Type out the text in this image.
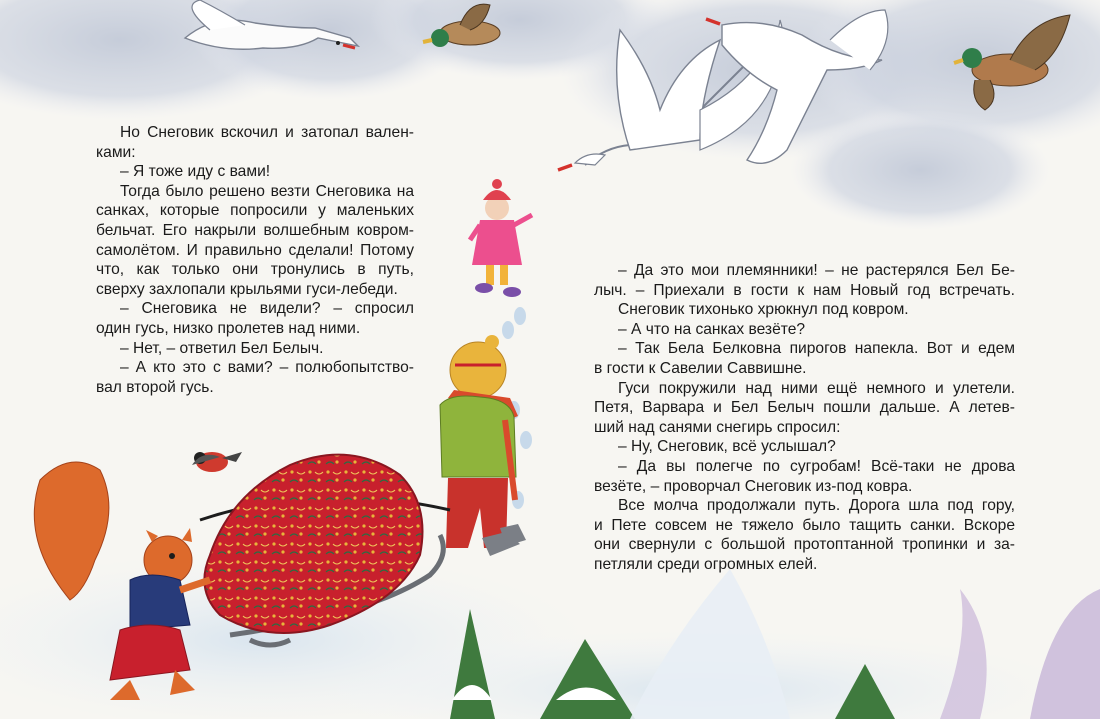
Но Снеговик вскочил и затопал вален-

ками:

– Я тоже иду с вами!

Тогда было решено везти Снеговика на

санках, которые попросили у маленьких

бельчат. Его накрыли волшебным ковром-

самолётом. И правильно сделали! Потому

что, как только они тронулись в путь,

сверху захлопали крыльями гуси-лебеди.

– Снеговика не видели? – спросил

один гусь, низко пролетев над ними.

– Нет, – ответил Бел Белыч.

– А кто это с вами? – полюбопытство-

вал второй гусь.

– Да это мои племянники! – не растерялся Бел Бе-

лыч. – Приехали в гости к нам Новый год встречать.

Снеговик тихонько хрюкнул под ковром.

– А что на санках везёте?

– Так Бела Белковна пирогов напекла. Вот и едем

в гости к Савелии Саввишне.

Гуси покружили над ними ещё немного и улетели.

Петя, Варвара и Бел Белыч пошли дальше. А летев-

ший над санями снегирь спросил:

– Ну, Снеговик, всё услышал?

– Да вы полегче по сугробам! Всё-таки не дрова

везёте, – проворчал Снеговик из-под ковра.

Все молча продолжали путь. Дорога шла под гору,

и Пете совсем не тяжело было тащить санки. Вскоре

они свернули с большой протоптанной тропинки и за-

петляли среди огромных елей.
